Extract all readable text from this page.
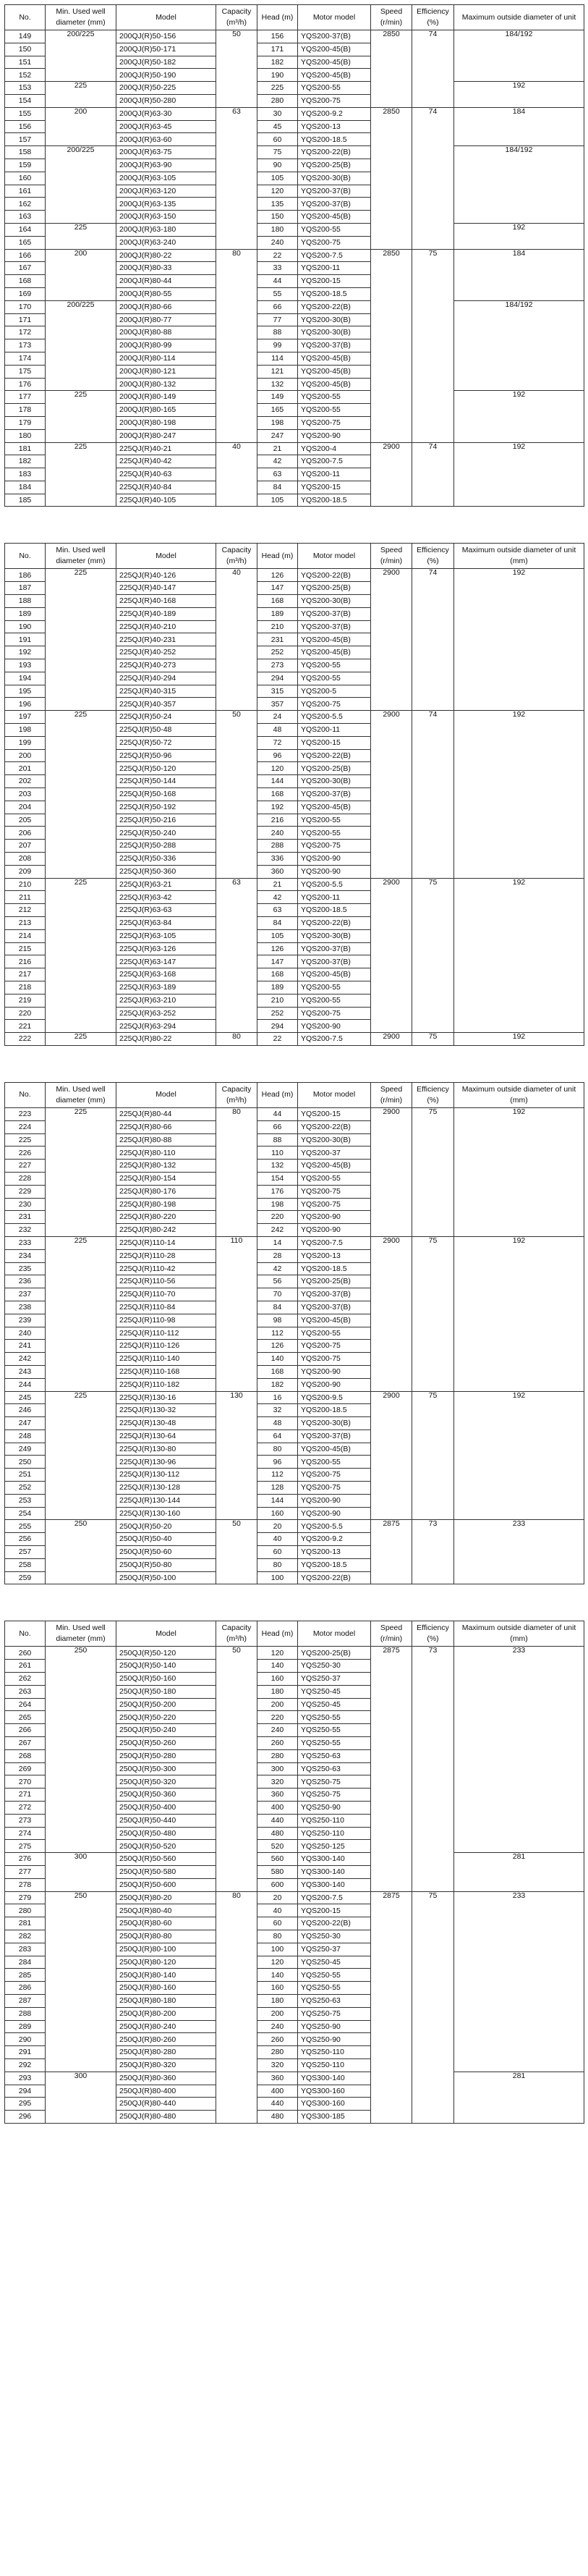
No.	Min. Used well diameter (mm)	Model	Capacity (m³/h)	Head (m)	Motor model	Speed (r/min)	Efficiency (%)	Maximum outside diameter of unit
149	200/225	200QJ(R)50-156	50	156	YQS200-37(B)	2850	74	184/192
150		200QJ(R)50-171		171	YQS200-45(B)			
151		200QJ(R)50-182		182	YQS200-45(B)			
152		200QJ(R)50-190		190	YQS200-45(B)			
153	225	200QJ(R)50-225		225	YQS200-55			192
154		200QJ(R)50-280		280	YQS200-75			
155	200	200QJ(R)63-30	63	30	YQS200-9.2	2850	74	184
156		200QJ(R)63-45		45	YQS200-13			
157		200QJ(R)63-60		60	YQS200-18.5			
158	200/225	200QJ(R)63-75		75	YQS200-22(B)			184/192
159		200QJ(R)63-90		90	YQS200-25(B)			
160		200QJ(R)63-105		105	YQS200-30(B)			
161		200QJ(R)63-120		120	YQS200-37(B)			
162		200QJ(R)63-135		135	YQS200-37(B)			
163		200QJ(R)63-150		150	YQS200-45(B)			
164	225	200QJ(R)63-180		180	YQS200-55			192
165		200QJ(R)63-240		240	YQS200-75			
166	200	200QJ(R)80-22	80	22	YQS200-7.5	2850	75	184
167		200QJ(R)80-33		33	YQS200-11			
168		200QJ(R)80-44		44	YQS200-15			
169		200QJ(R)80-55		55	YQS200-18.5			
170	200/225	200QJ(R)80-66		66	YQS200-22(B)			184/192
171		200QJ(R)80-77		77	YQS200-30(B)			
172		200QJ(R)80-88		88	YQS200-30(B)			
173		200QJ(R)80-99		99	YQS200-37(B)			
174		200QJ(R)80-114		114	YQS200-45(B)			
175		200QJ(R)80-121		121	YQS200-45(B)			
176		200QJ(R)80-132		132	YQS200-45(B)			
177	225	200QJ(R)80-149		149	YQS200-55			192
178		200QJ(R)80-165		165	YQS200-55			
179		200QJ(R)80-198		198	YQS200-75			
180		200QJ(R)80-247		247	YQS200-90			
181	225	225QJ(R)40-21	40	21	YQS200-4	2900	74	192
182		225QJ(R)40-42		42	YQS200-7.5			
183		225QJ(R)40-63		63	YQS200-11			
184		225QJ(R)40-84		84	YQS200-15			
185		225QJ(R)40-105		105	YQS200-18.5			
No.	Min. Used well diameter (mm)	Model	Capacity (m³/h)	Head (m)	Motor model	Speed (r/min)	Efficiency (%)	Maximum outside diameter of unit (mm)
186	225	225QJ(R)40-126	40	126	YQS200-22(B)	2900	74	192
187		225QJ(R)40-147		147	YQS200-25(B)			
188		225QJ(R)40-168		168	YQS200-30(B)			
189		225QJ(R)40-189		189	YQS200-37(B)			
190		225QJ(R)40-210		210	YQS200-37(B)			
191		225QJ(R)40-231		231	YQS200-45(B)			
192		225QJ(R)40-252		252	YQS200-45(B)			
193		225QJ(R)40-273		273	YQS200-55			
194		225QJ(R)40-294		294	YQS200-55			
195		225QJ(R)40-315		315	YQS200-5			
196		225QJ(R)40-357		357	YQS200-75			
197	225	225QJ(R)50-24	50	24	YQS200-5.5	2900	74	192
198		225QJ(R)50-48		48	YQS200-11			
199		225QJ(R)50-72		72	YQS200-15			
200		225QJ(R)50-96		96	YQS200-22(B)			
201		225QJ(R)50-120		120	YQS200-25(B)			
202		225QJ(R)50-144		144	YQS200-30(B)			
203		225QJ(R)50-168		168	YQS200-37(B)			
204		225QJ(R)50-192		192	YQS200-45(B)			
205		225QJ(R)50-216		216	YQS200-55			
206		225QJ(R)50-240		240	YQS200-55			
207		225QJ(R)50-288		288	YQS200-75			
208		225QJ(R)50-336		336	YQS200-90			
209		225QJ(R)50-360		360	YQS200-90			
210	225	225QJ(R)63-21	63	21	YQS200-5.5	2900	75	192
211		225QJ(R)63-42		42	YQS200-11			
212		225QJ(R)63-63		63	YQS200-18.5			
213		225QJ(R)63-84		84	YQS200-22(B)			
214		225QJ(R)63-105		105	YQS200-30(B)			
215		225QJ(R)63-126		126	YQS200-37(B)			
216		225QJ(R)63-147		147	YQS200-37(B)			
217		225QJ(R)63-168		168	YQS200-45(B)			
218		225QJ(R)63-189		189	YQS200-55			
219		225QJ(R)63-210		210	YQS200-55			
220		225QJ(R)63-252		252	YQS200-75			
221		225QJ(R)63-294		294	YQS200-90			
222	225	225QJ(R)80-22	80	22	YQS200-7.5	2900	75	192
No.	Min. Used well diameter (mm)	Model	Capacity (m³/h)	Head (m)	Motor model	Speed (r/min)	Efficiency (%)	Maximum outside diameter of unit (mm)
223	225	225QJ(R)80-44	80	44	YQS200-15	2900	75	192
224		225QJ(R)80-66		66	YQS200-22(B)			
225		225QJ(R)80-88		88	YQS200-30(B)			
226		225QJ(R)80-110		110	YQS200-37			
227		225QJ(R)80-132		132	YQS200-45(B)			
228		225QJ(R)80-154		154	YQS200-55			
229		225QJ(R)80-176		176	YQS200-75			
230		225QJ(R)80-198		198	YQS200-75			
231		225QJ(R)80-220		220	YQS200-90			
232		225QJ(R)80-242		242	YQS200-90			
233	225	225QJ(R)110-14	110	14	YQS200-7.5	2900	75	192
234		225QJ(R)110-28		28	YQS200-13			
235		225QJ(R)110-42		42	YQS200-18.5			
236		225QJ(R)110-56		56	YQS200-25(B)			
237		225QJ(R)110-70		70	YQS200-37(B)			
238		225QJ(R)110-84		84	YQS200-37(B)			
239		225QJ(R)110-98		98	YQS200-45(B)			
240		225QJ(R)110-112		112	YQS200-55			
241		225QJ(R)110-126		126	YQS200-75			
242		225QJ(R)110-140		140	YQS200-75			
243		225QJ(R)110-168		168	YQS200-90			
244		225QJ(R)110-182		182	YQS200-90			
245	225	225QJ(R)130-16	130	16	YQS200-9.5	2900	75	192
246		225QJ(R)130-32		32	YQS200-18.5			
247		225QJ(R)130-48		48	YQS200-30(B)			
248		225QJ(R)130-64		64	YQS200-37(B)			
249		225QJ(R)130-80		80	YQS200-45(B)			
250		225QJ(R)130-96		96	YQS200-55			
251		225QJ(R)130-112		112	YQS200-75			
252		225QJ(R)130-128		128	YQS200-75			
253		225QJ(R)130-144		144	YQS200-90			
254		225QJ(R)130-160		160	YQS200-90			
255	250	250QJ(R)50-20	50	20	YQS200-5.5	2875	73	233
256		250QJ(R)50-40		40	YQS200-9.2			
257		250QJ(R)50-60		60	YQS200-13			
258		250QJ(R)50-80		80	YQS200-18.5			
259		250QJ(R)50-100		100	YQS200-22(B)			
No.	Min. Used well diameter (mm)	Model	Capacity (m³/h)	Head (m)	Motor model	Speed (r/min)	Efficiency (%)	Maximum outside diameter of unit (mm)
260	250	250QJ(R)50-120	50	120	YQS200-25(B)	2875	73	233
261		250QJ(R)50-140		140	YQS250-30			
262		250QJ(R)50-160		160	YQS250-37			
263		250QJ(R)50-180		180	YQS250-45			
264		250QJ(R)50-200		200	YQS250-45			
265		250QJ(R)50-220		220	YQS250-55			
266		250QJ(R)50-240		240	YQS250-55			
267		250QJ(R)50-260		260	YQS250-55			
268		250QJ(R)50-280		280	YQS250-63			
269		250QJ(R)50-300		300	YQS250-63			
270		250QJ(R)50-320		320	YQS250-75			
271		250QJ(R)50-360		360	YQS250-75			
272		250QJ(R)50-400		400	YQS250-90			
273		250QJ(R)50-440		440	YQS250-110			
274		250QJ(R)50-480		480	YQS250-110			
275		250QJ(R)50-520		520	YQS250-125			
276	300	250QJ(R)50-560		560	YQS300-140			281
277		250QJ(R)50-580		580	YQS300-140			
278		250QJ(R)50-600		600	YQS300-140			
279	250	250QJ(R)80-20	80	20	YQS200-7.5	2875	75	233
280		250QJ(R)80-40		40	YQS200-15			
281		250QJ(R)80-60		60	YQS200-22(B)			
282		250QJ(R)80-80		80	YQS250-30			
283		250QJ(R)80-100		100	YQS250-37			
284		250QJ(R)80-120		120	YQS250-45			
285		250QJ(R)80-140		140	YQS250-55			
286		250QJ(R)80-160		160	YQS250-55			
287		250QJ(R)80-180		180	YQS250-63			
288		250QJ(R)80-200		200	YQS250-75			
289		250QJ(R)80-240		240	YQS250-90			
290		250QJ(R)80-260		260	YQS250-90			
291		250QJ(R)80-280		280	YQS250-110			
292		250QJ(R)80-320		320	YQS250-110			
293	300	250QJ(R)80-360		360	YQS300-140			281
294		250QJ(R)80-400		400	YQS300-160			
295		250QJ(R)80-440		440	YQS300-160			
296		250QJ(R)80-480		480	YQS300-185			
